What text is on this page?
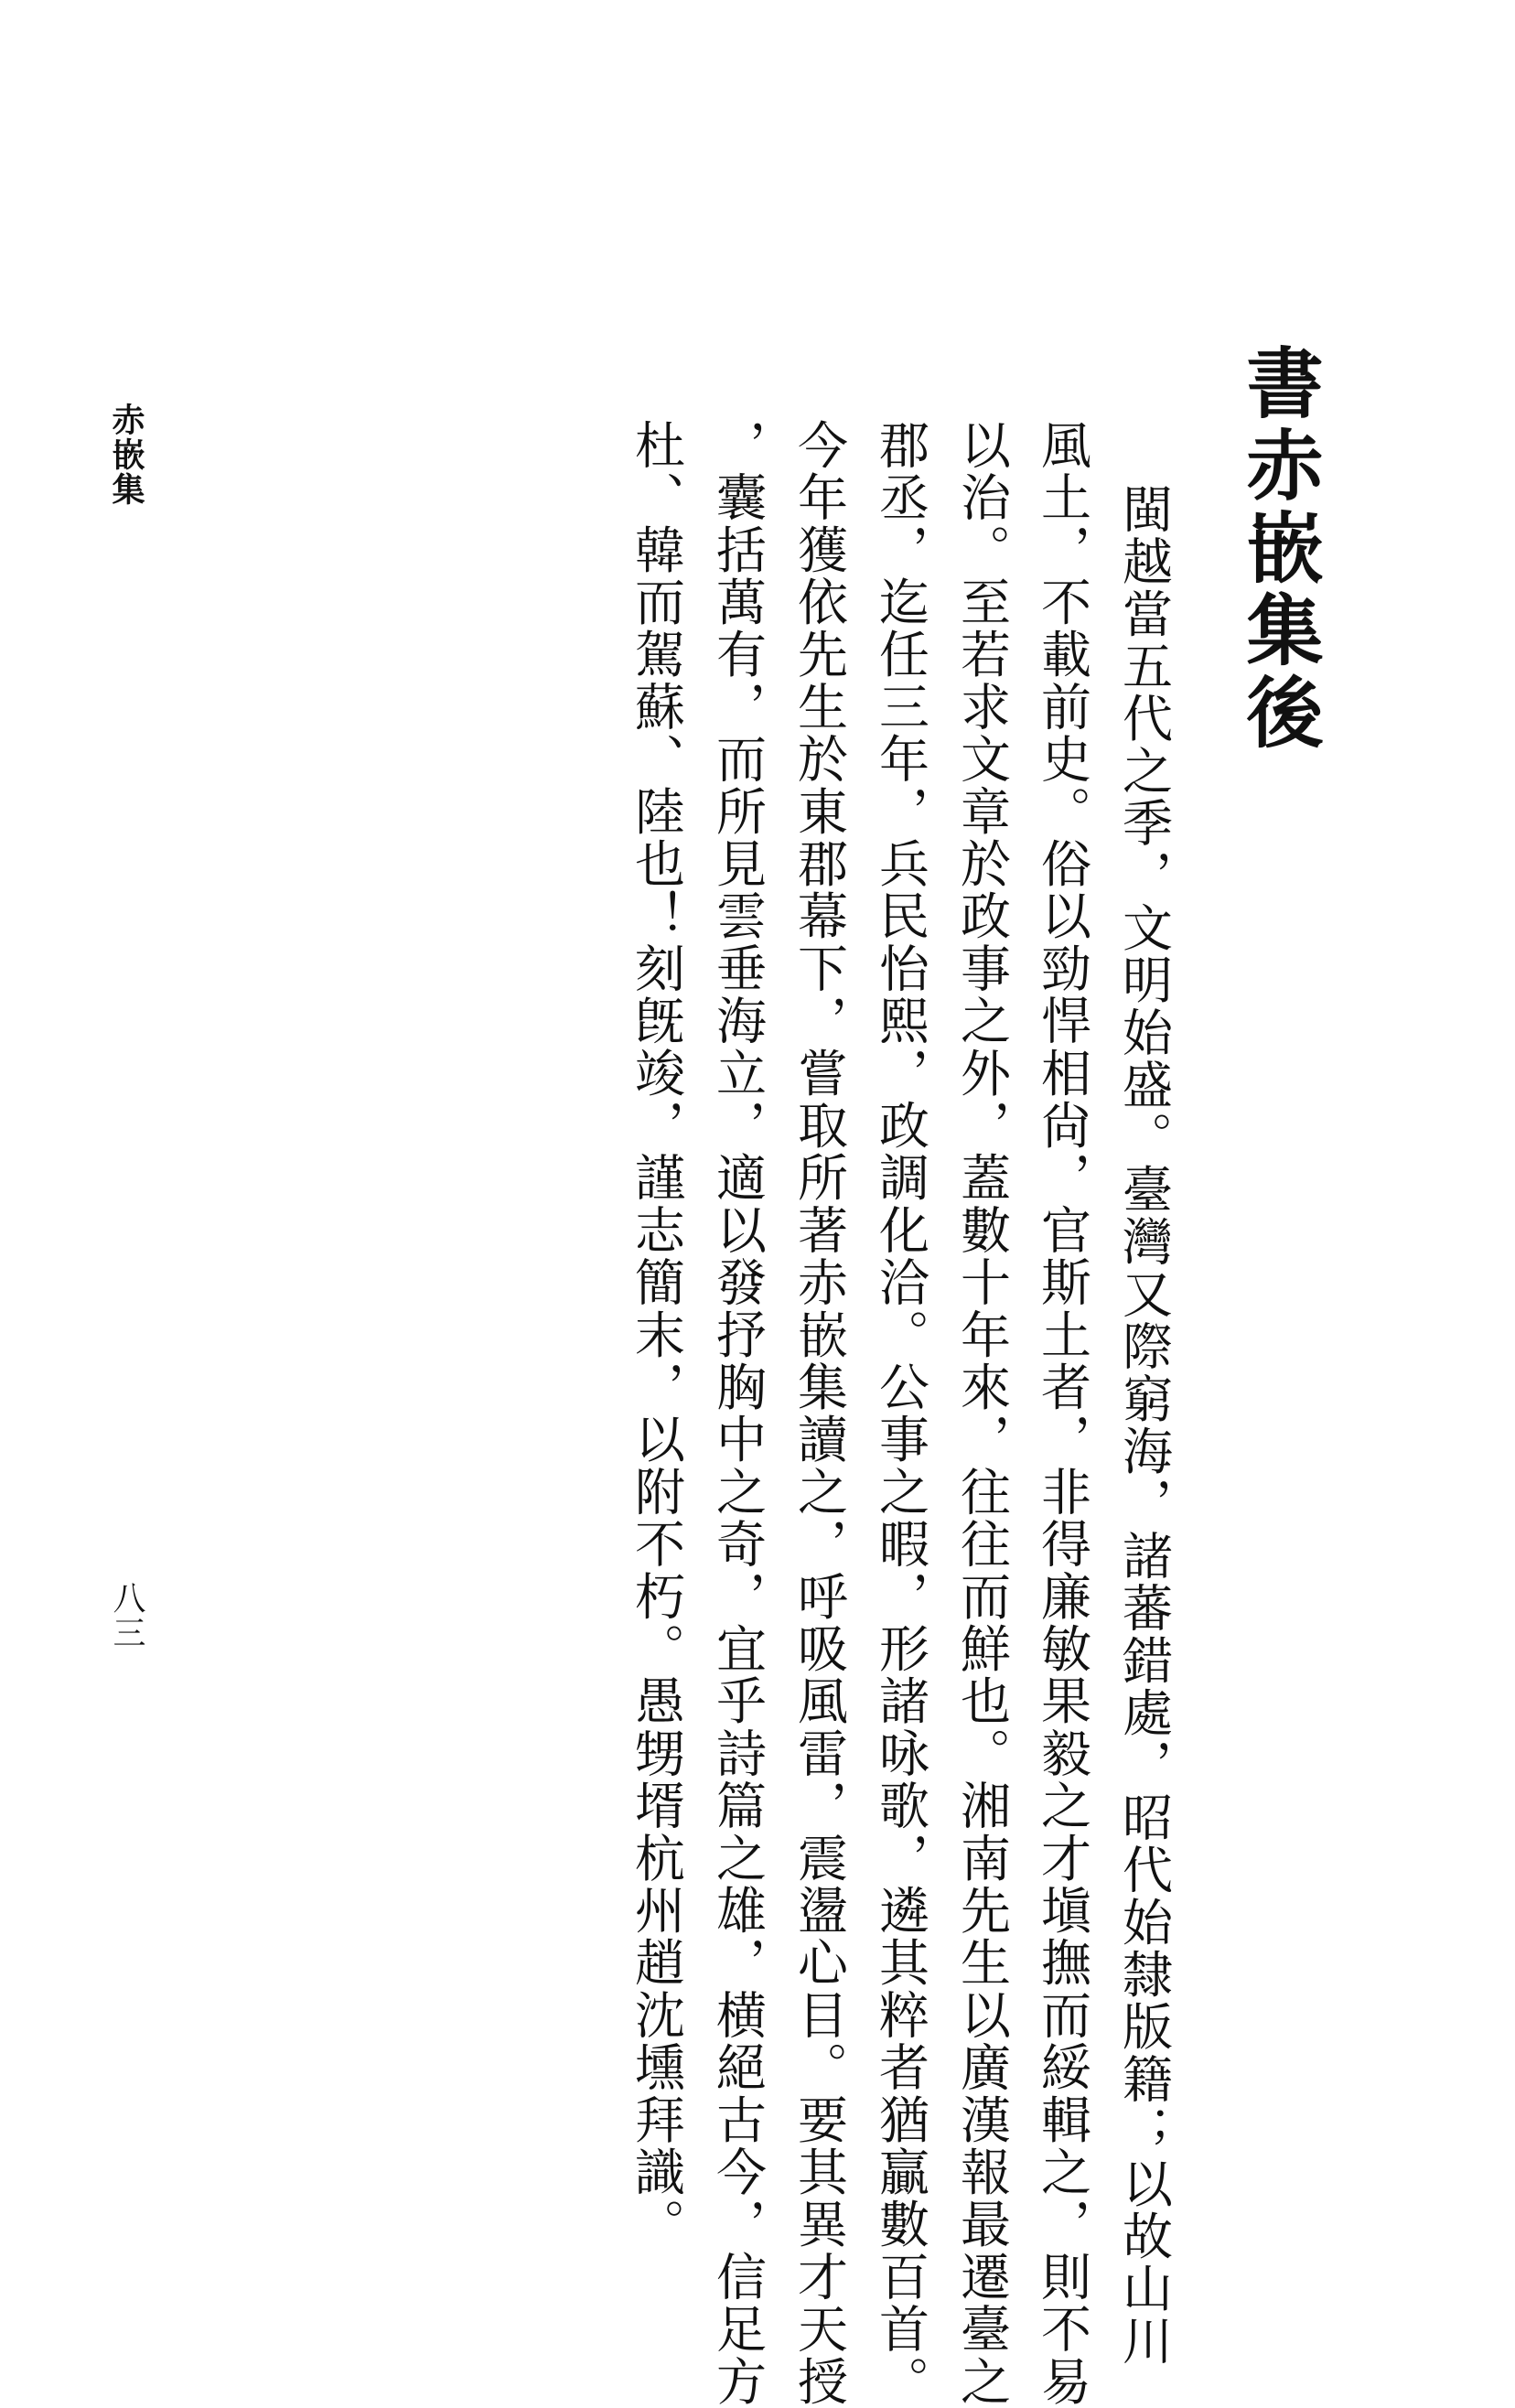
書赤嵌集後

閩越當五代之季，文明始盛。臺灣又際窮海，諸蕃錯處，昭代始隸版籍；以故山川

風土，不載前史。俗以勁悍相尙，官斯土者，非得廉敏果毅之才塡撫而綏輯之，則不易

以治。至若求文章於政事之外，蓋數十年來，往往而鮮也。湘南先生以廣漢報最遷臺之

郡丞，迄任三年，兵民怡熙，政調化洽。公事之暇，形諸咏歌，遴其粹者猶贏數百首。

今年獲依先生於東郡幕下，嘗取所著赤嵌集讀之，呼吸風雷，震盪心目。要其異才天授

，囊括萬有，而所見雲垂海立，適以發抒胸中之奇，宜乎詩篇之雄，横絕古今，信足方

杜、韓而駕蘇、陸也！刻旣竣，謹志簡末，以附不朽。愚甥壻杭州趙沈壎拜識。

赤嵌集
八三
